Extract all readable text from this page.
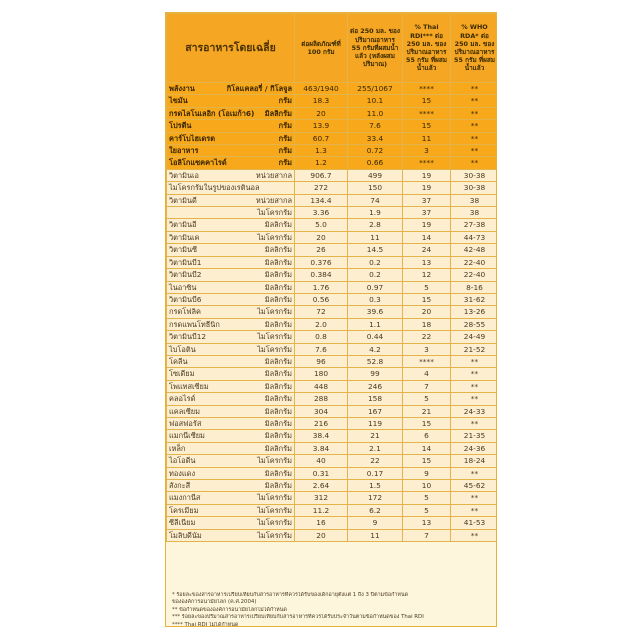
สารอาหารโดยเฉลี่ย	ต่อผลิตภัณฑ์ที่ 100 กรัม	ต่อ 250 มล. ของปริมาณอาหาร 55 กรัมที่ผสมน้ำแล้ว (หลังผสมปริมาณ)	% Thai RDI*** ต่อ 250 มล. ของปริมาณอาหาร 55 กรัม ที่ผสมน้ำแล้ว	% WHO RDA* ต่อ 250 มล. ของปริมาณอาหาร 55 กรัม ที่ผสมน้ำแล้ว

พลังงาน กิโลแคลอรี่ / กิโลจูล	463/1940	255/1067	****	**

ไขมัน กรัม	18.3	10.1	15	**

กรดไลโนเลอิก (โอเมก้า6) มิลลิกรัม	20	11.0	****	**

โปรตีน กรัม	13.9	7.6	15	**

คาร์โบไฮเดรต กรัม	60.7	33.4	11	**

ใยอาหาร กรัม	1.3	0.72	3	**

โอลิโกแซคคาไรด์ กรัม	1.2	0.66	****	**

วิตามินเอ หน่วยสากล	906.7	499	19	30-38

ไมโครกรัมในรูปของเรตินอล	272	150	19	30-38

วิตามินดี หน่วยสากล	134.4	74	37	38

ไมโครกรัม	3.36	1.9	37	38

วิตามินอี มิลลิกรัม	5.0	2.8	19	27-38

วิตามินเค ไมโครกรัม	20	11	14	44-73

วิตามินซี มิลลิกรัม	26	14.5	24	42-48

วิตามินบี1 มิลลิกรัม	0.376	0.2	13	22-40

วิตามินบี2 มิลลิกรัม	0.384	0.2	12	22-40

ไนอาซิน มิลลิกรัม	1.76	0.97	5	8-16

วิตามินบี6 มิลลิกรัม	0.56	0.3	15	31-62

กรดโฟลิค ไมโครกรัม	72	39.6	20	13-26

กรดแพนโทธีนิก มิลลิกรัม	2.0	1.1	18	28-55

วิตามินบี12 ไมโครกรัม	0.8	0.44	22	24-49

ไบโอติน ไมโครกรัม	7.6	4.2	3	21-52

โคลีน มิลลิกรัม	96	52.8	****	**

โซเดียม มิลลิกรัม	180	99	4	**

โพแทสเซียม มิลลิกรัม	448	246	7	**

คลอไรด์ มิลลิกรัม	288	158	5	**

แคลเซียม มิลลิกรัม	304	167	21	24-33

ฟอสฟอรัส มิลลิกรัม	216	119	15	**

แมกนีเซียม มิลลิกรัม	38.4	21	6	21-35

เหล็ก มิลลิกรัม	3.84	2.1	14	24-36

ไอโอดีน ไมโครกรัม	40	22	15	18-24

ทองแดง มิลลิกรัม	0.31	0.17	9	**

สังกะสี มิลลิกรัม	2.64	1.5	10	45-62

แมงกานีส ไมโครกรัม	312	172	5	**

โครเมียม ไมโครกรัม	11.2	6.2	5	**

ซีลีเนียม ไมโครกรัม	16	9	13	41-53

โมลิบดีนัม ไมโครกรัม	20	11	7	**
* ร้อยละของสารอาหารเปรียบเทียบกับสารอาหารที่ควรได้รับของเด็กอายุตั้งแต่ 1 ถึง 3 ปีตามข้อกำหนด
ขององค์การอนามัยโลก (ค.ศ.2004)
** ข้อกำหนดขององค์การอนามัยโลกไม่ได้กำหนด
*** ร้อยละของปริมาณสารอาหารเปรียบเทียบกับสารอาหารที่ควรได้รับประจำวันตามข้อกำหนดของ Thai RDI
**** Thai RDI ไม่ได้กำหนด
